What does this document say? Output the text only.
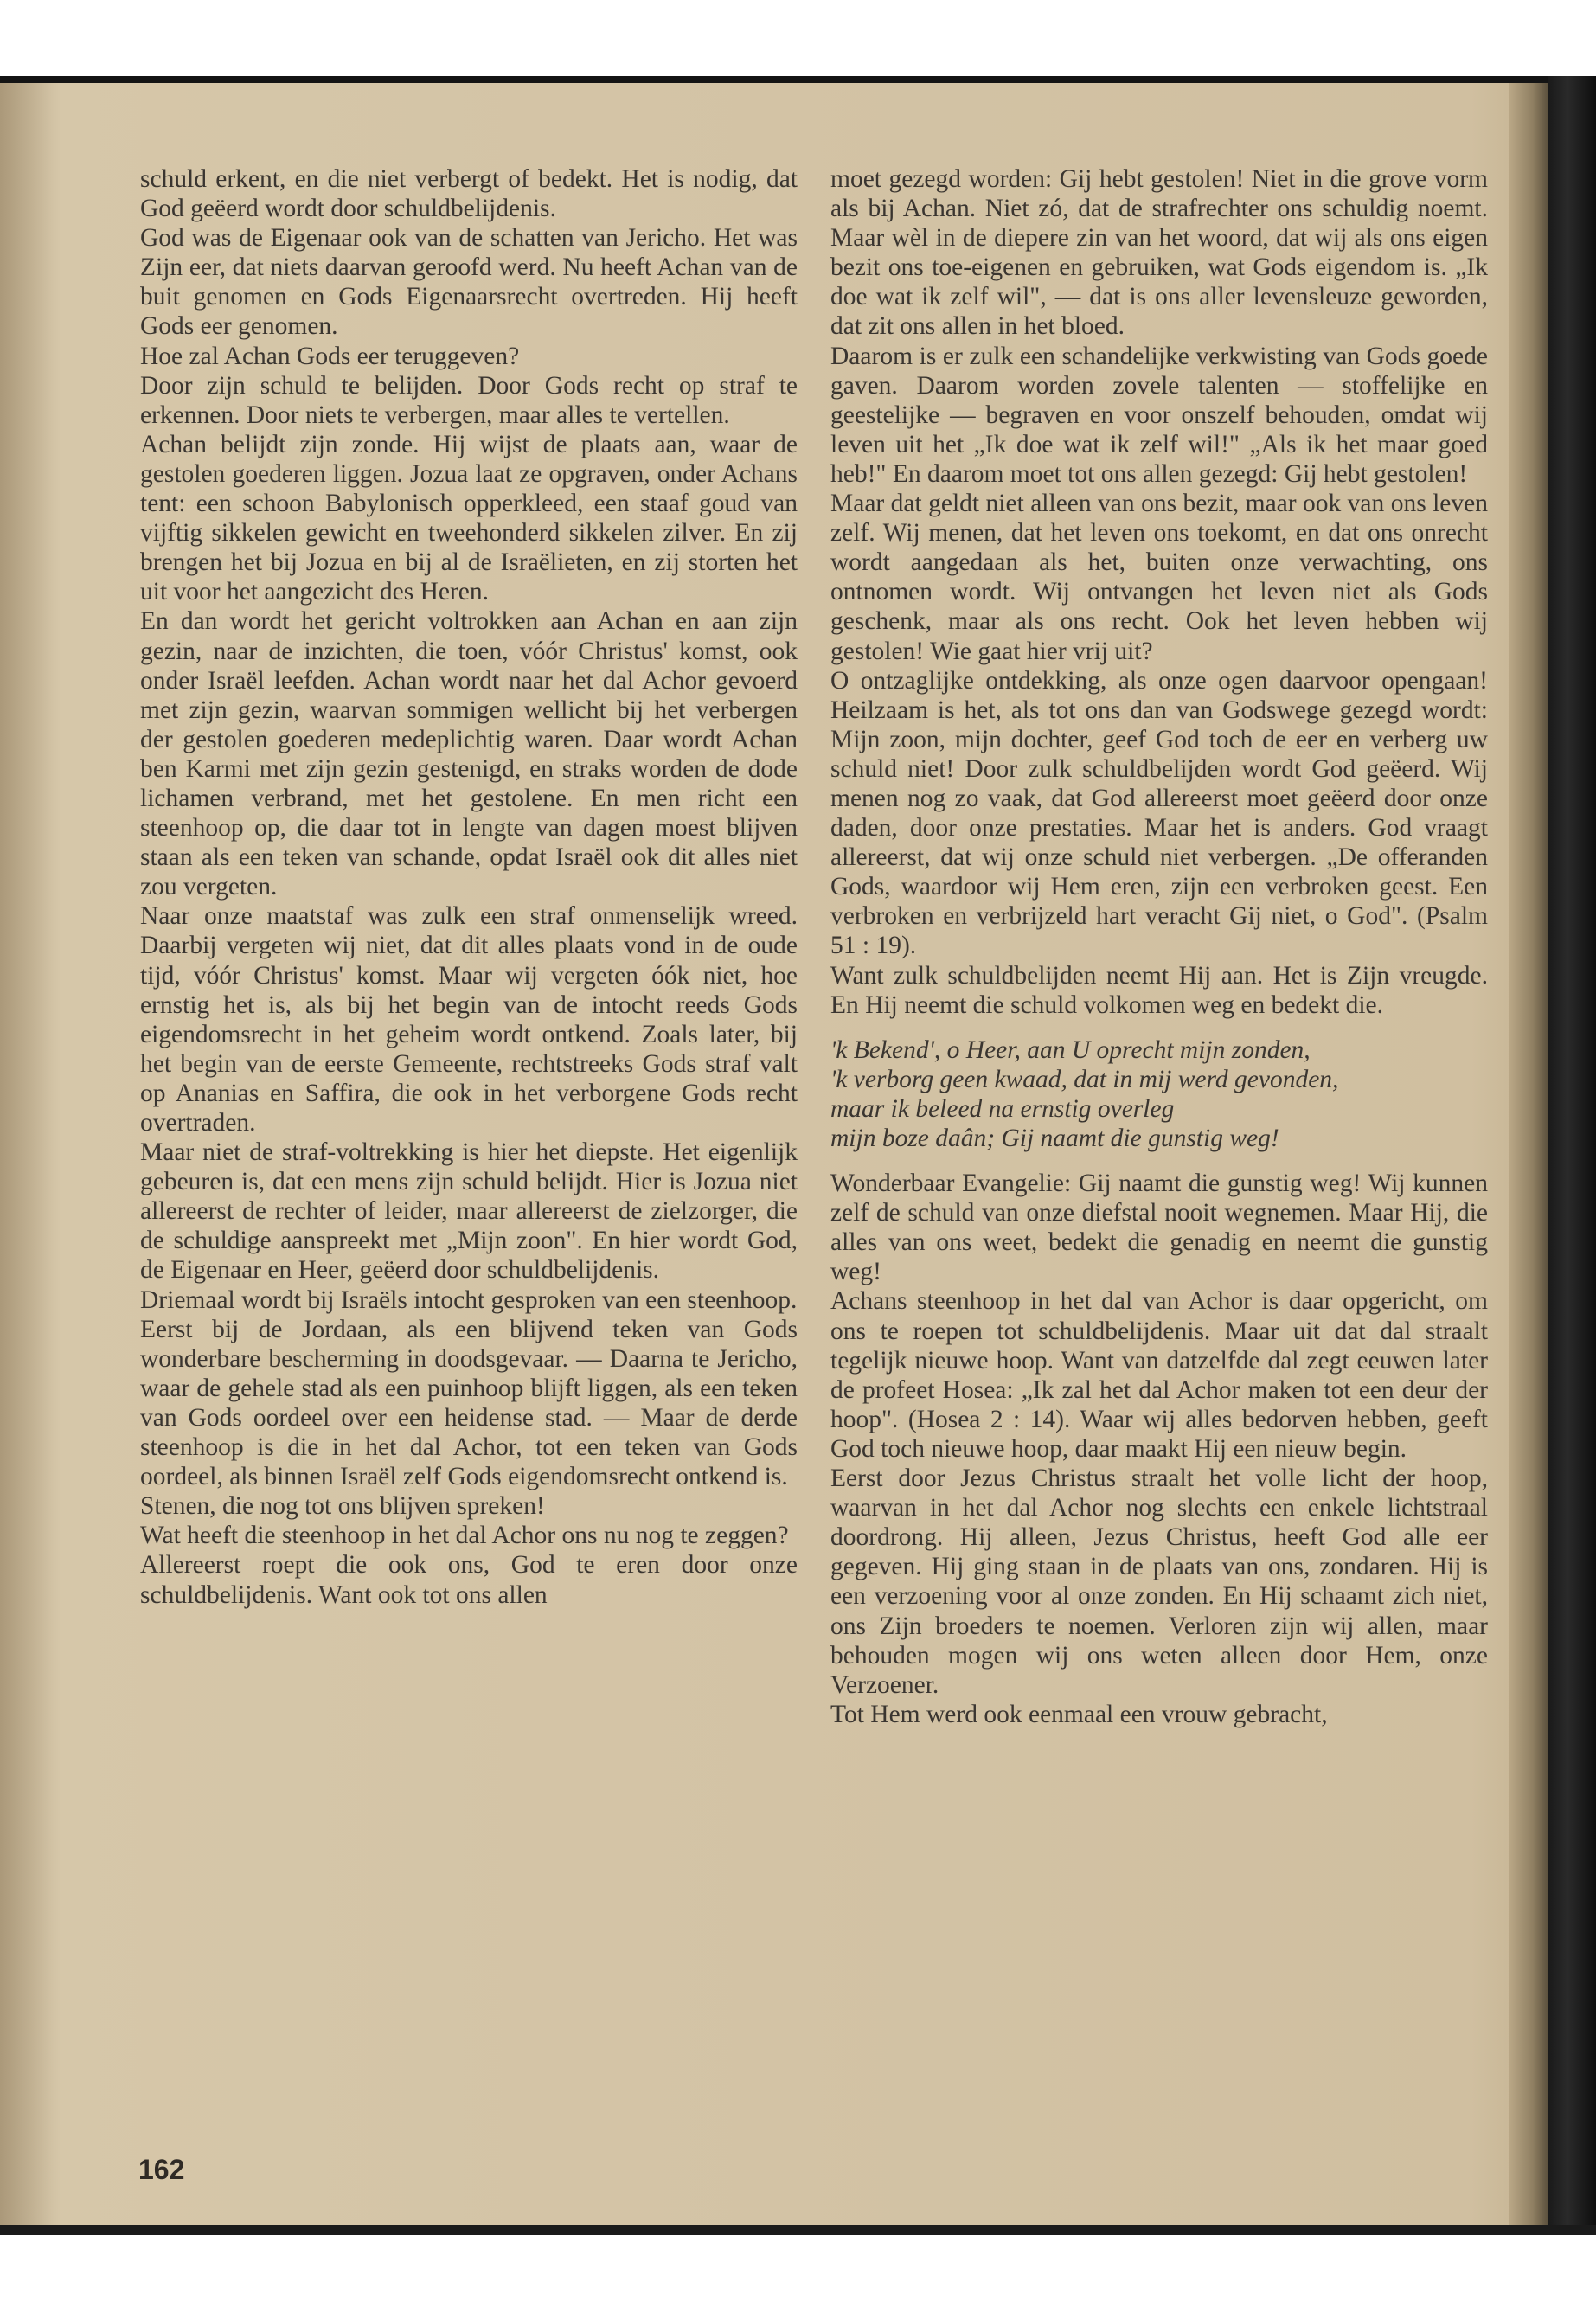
schuld erkent, en die niet verbergt of bedekt. Het is nodig, dat God geëerd wordt door schuldbelijdenis.

God was de Eigenaar ook van de schatten van Jericho. Het was Zijn eer, dat niets daarvan geroofd werd. Nu heeft Achan van de buit genomen en Gods Eigenaarsrecht overtreden. Hij heeft Gods eer genomen.

Hoe zal Achan Gods eer teruggeven?

Door zijn schuld te belijden. Door Gods recht op straf te erkennen. Door niets te verbergen, maar alles te vertellen.

Achan belijdt zijn zonde. Hij wijst de plaats aan, waar de gestolen goederen liggen. Jozua laat ze opgraven, onder Achans tent: een schoon Babylonisch opperkleed, een staaf goud van vijftig sikkelen gewicht en tweehonderd sikkelen zilver. En zij brengen het bij Jozua en bij al de Israëlieten, en zij storten het uit voor het aangezicht des Heren.

En dan wordt het gericht voltrokken aan Achan en aan zijn gezin, naar de inzichten, die toen, vóór Christus' komst, ook onder Israël leefden. Achan wordt naar het dal Achor gevoerd met zijn gezin, waarvan sommigen wellicht bij het verbergen der gestolen goederen medeplichtig waren. Daar wordt Achan ben Karmi met zijn gezin gestenigd, en straks worden de dode lichamen verbrand, met het gestolene. En men richt een steenhoop op, die daar tot in lengte van dagen moest blijven staan als een teken van schande, opdat Israël ook dit alles niet zou vergeten.

Naar onze maatstaf was zulk een straf onmenselijk wreed. Daarbij vergeten wij niet, dat dit alles plaats vond in de oude tijd, vóór Christus' komst. Maar wij vergeten óók niet, hoe ernstig het is, als bij het begin van de intocht reeds Gods eigendomsrecht in het geheim wordt ontkend. Zoals later, bij het begin van de eerste Gemeente, rechtstreeks Gods straf valt op Ananias en Saffira, die ook in het verborgene Gods recht overtraden.

Maar niet de straf-voltrekking is hier het diepste. Het eigenlijk gebeuren is, dat een mens zijn schuld belijdt. Hier is Jozua niet allereerst de rechter of leider, maar allereerst de zielzorger, die de schuldige aanspreekt met „Mijn zoon". En hier wordt God, de Eigenaar en Heer, geëerd door schuldbelijdenis.

Driemaal wordt bij Israëls intocht gesproken van een steenhoop.

Eerst bij de Jordaan, als een blijvend teken van Gods wonderbare bescherming in doodsgevaar. — Daarna te Jericho, waar de gehele stad als een puinhoop blijft liggen, als een teken van Gods oordeel over een heidense stad. — Maar de derde steenhoop is die in het dal Achor, tot een teken van Gods oordeel, als binnen Israël zelf Gods eigendomsrecht ontkend is.

Stenen, die nog tot ons blijven spreken!

Wat heeft die steenhoop in het dal Achor ons nu nog te zeggen?

Allereerst roept die ook ons, God te eren door onze schuldbelijdenis. Want ook tot ons allen

moet gezegd worden: Gij hebt gestolen! Niet in die grove vorm als bij Achan. Niet zó, dat de strafrechter ons schuldig noemt. Maar wèl in de diepere zin van het woord, dat wij als ons eigen bezit ons toe-eigenen en gebruiken, wat Gods eigendom is. „Ik doe wat ik zelf wil", — dat is ons aller levensleuze geworden, dat zit ons allen in het bloed.

Daarom is er zulk een schandelijke verkwisting van Gods goede gaven. Daarom worden zovele talenten — stoffelijke en geestelijke — begraven en voor onszelf behouden, omdat wij leven uit het „Ik doe wat ik zelf wil!" „Als ik het maar goed heb!" En daarom moet tot ons allen gezegd: Gij hebt gestolen!

Maar dat geldt niet alleen van ons bezit, maar ook van ons leven zelf. Wij menen, dat het leven ons toekomt, en dat ons onrecht wordt aangedaan als het, buiten onze verwachting, ons ontnomen wordt. Wij ontvangen het leven niet als Gods geschenk, maar als ons recht. Ook het leven hebben wij gestolen! Wie gaat hier vrij uit?

O ontzaglijke ontdekking, als onze ogen daarvoor opengaan! Heilzaam is het, als tot ons dan van Godswege gezegd wordt: Mijn zoon, mijn dochter, geef God toch de eer en verberg uw schuld niet! Door zulk schuldbelijden wordt God geëerd. Wij menen nog zo vaak, dat God allereerst moet geëerd door onze daden, door onze prestaties. Maar het is anders. God vraagt allereerst, dat wij onze schuld niet verbergen. „De offeranden Gods, waardoor wij Hem eren, zijn een verbroken geest. Een verbroken en verbrijzeld hart veracht Gij niet, o God". (Psalm 51 : 19).

Want zulk schuldbelijden neemt Hij aan. Het is Zijn vreugde. En Hij neemt die schuld volkomen weg en bedekt die.

'k Bekend', o Heer, aan U oprecht mijn zonden,
'k verborg geen kwaad, dat in mij werd gevonden,
maar ik beleed na ernstig overleg
mijn boze daân; Gij naamt die gunstig weg!

Wonderbaar Evangelie: Gij naamt die gunstig weg! Wij kunnen zelf de schuld van onze diefstal nooit wegnemen. Maar Hij, die alles van ons weet, bedekt die genadig en neemt die gunstig weg!

Achans steenhoop in het dal van Achor is daar opgericht, om ons te roepen tot schuldbelijdenis. Maar uit dat dal straalt tegelijk nieuwe hoop. Want van datzelfde dal zegt eeuwen later de profeet Hosea: „Ik zal het dal Achor maken tot een deur der hoop". (Hosea 2 : 14). Waar wij alles bedorven hebben, geeft God toch nieuwe hoop, daar maakt Hij een nieuw begin.

Eerst door Jezus Christus straalt het volle licht der hoop, waarvan in het dal Achor nog slechts een enkele lichtstraal doordrong. Hij alleen, Jezus Christus, heeft God alle eer gegeven. Hij ging staan in de plaats van ons, zondaren. Hij is een verzoening voor al onze zonden. En Hij schaamt zich niet, ons Zijn broeders te noemen. Verloren zijn wij allen, maar behouden mogen wij ons weten alleen door Hem, onze Verzoener.

Tot Hem werd ook eenmaal een vrouw gebracht,

162
